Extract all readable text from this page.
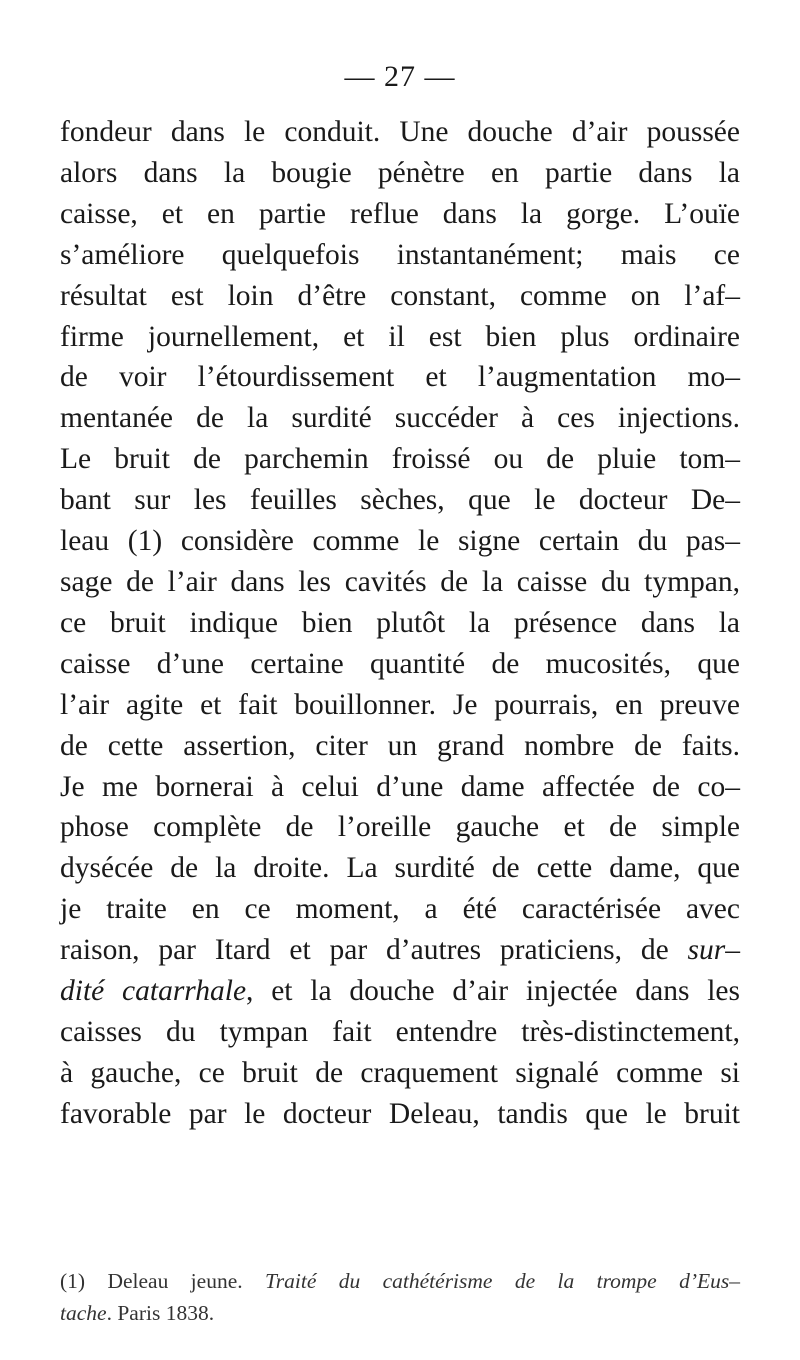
— 27 —
fondeur dans le conduit. Une douche d’air poussée
alors dans la bougie pénètre en partie dans la
caisse, et en partie reflue dans la gorge. L’ouïe
s’améliore quelquefois instantanément; mais ce
résultat est loin d’être constant, comme on l’af–
firme journellement, et il est bien plus ordinaire
de voir l’étourdissement et l’augmentation mo–
mentanée de la surdité succéder à ces injections.
Le bruit de parchemin froissé ou de pluie tom–
bant sur les feuilles sèches, que le docteur De–
leau (1) considère comme le signe certain du pas–
sage de l’air dans les cavités de la caisse du tympan,
ce bruit indique bien plutôt la présence dans la
caisse d’une certaine quantité de mucosités, que
l’air agite et fait bouillonner. Je pourrais, en preuve
de cette assertion, citer un grand nombre de faits.
Je me bornerai à celui d’une dame affectée de co–
phose complète de l’oreille gauche et de simple
dysécée de la droite. La surdité de cette dame, que
je traite en ce moment, a été caractérisée avec
raison, par Itard et par d’autres praticiens, de sur–
dité catarrhale, et la douche d’air injectée dans les
caisses du tympan fait entendre très-distinctement,
à gauche, ce bruit de craquement signalé comme si
favorable par le docteur Deleau, tandis que le bruit
(1) Deleau jeune. Traité du cathétérisme de la trompe d’Eus–
tache. Paris 1838.
